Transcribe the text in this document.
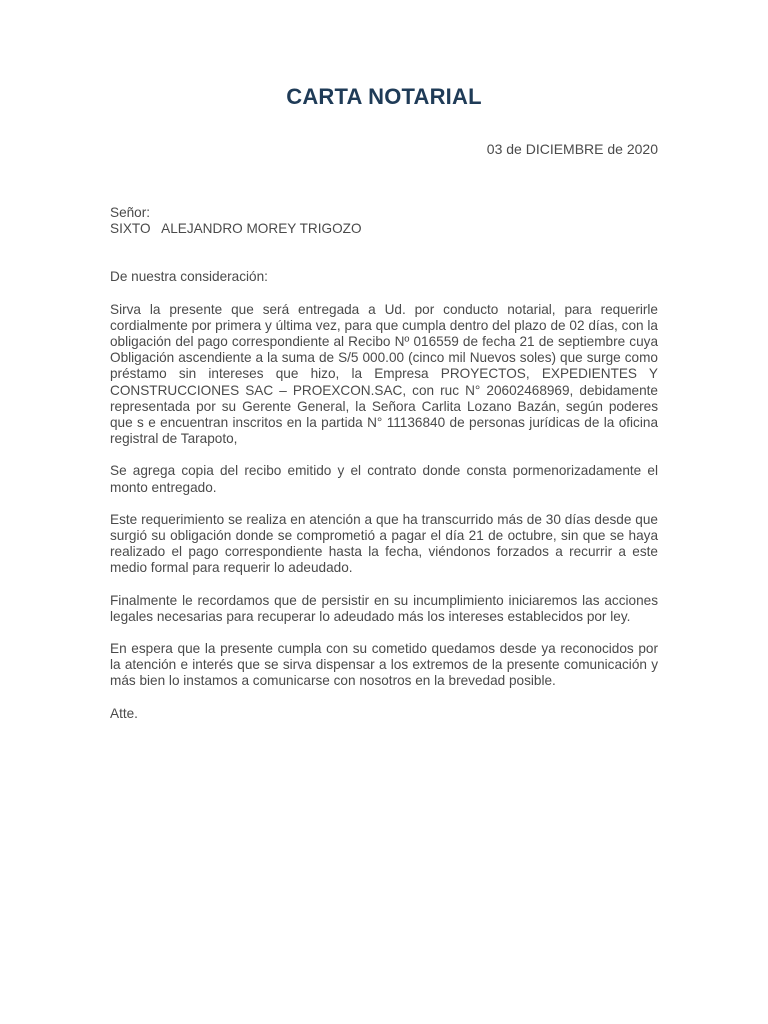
CARTA NOTARIAL
03 de DICIEMBRE de 2020
Señor:
SIXTO   ALEJANDRO MOREY TRIGOZO

De nuestra consideración:

Sirva la presente que será entregada a Ud. por conducto notarial, para requerirle cordialmente por primera y última vez, para que cumpla dentro del plazo de 02 días, con la obligación del pago correspondiente al Recibo Nº 016559 de fecha 21 de septiembre cuya Obligación ascendiente a la suma de S/5 000.00 (cinco mil Nuevos soles) que surge como préstamo sin intereses que hizo, la Empresa PROYECTOS, EXPEDIENTES Y CONSTRUCCIONES SAC – PROEXCON.SAC, con ruc N° 20602468969, debidamente representada por su Gerente General, la Señora Carlita Lozano Bazán, según poderes que s e encuentran inscritos en la partida N° 11136840 de personas jurídicas de la oficina registral de Tarapoto,

Se agrega copia del recibo emitido y el contrato donde consta pormenorizadamente el monto entregado.

Este requerimiento se realiza en atención a que ha transcurrido más de 30 días desde que surgió su obligación donde se comprometió a pagar el día 21 de octubre, sin que se haya realizado el pago correspondiente hasta la fecha, viéndonos forzados a recurrir a este medio formal para requerir lo adeudado.

Finalmente le recordamos que de persistir en su incumplimiento iniciaremos las acciones legales necesarias para recuperar lo adeudado más los intereses establecidos por ley.

En espera que la presente cumpla con su cometido quedamos desde ya reconocidos por la atención e interés que se sirva dispensar a los extremos de la presente comunicación y más bien lo instamos a comunicarse con nosotros en la brevedad posible.

Atte.
